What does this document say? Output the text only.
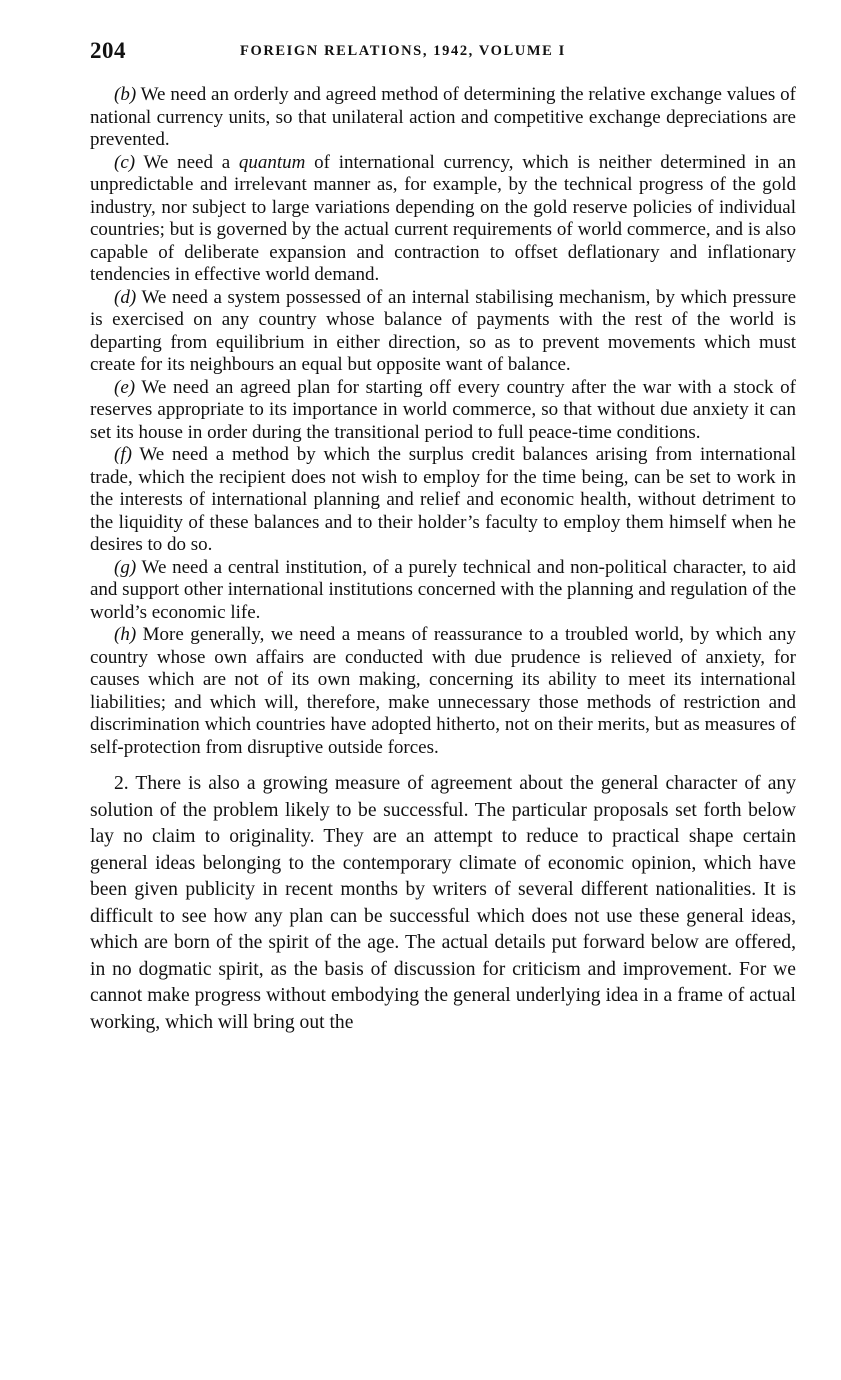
204	FOREIGN RELATIONS, 1942, VOLUME I

(b) We need an orderly and agreed method of determining the relative exchange values of national currency units, so that unilateral action and competitive exchange depreciations are prevented.

(c) We need a quantum of international currency, which is neither determined in an unpredictable and irrelevant manner as, for example, by the technical progress of the gold industry, nor subject to large variations depending on the gold reserve policies of individual countries; but is governed by the actual current requirements of world commerce, and is also capable of deliberate expansion and contraction to offset deflationary and inflationary tendencies in effective world demand.

(d) We need a system possessed of an internal stabilising mechanism, by which pressure is exercised on any country whose balance of payments with the rest of the world is departing from equilibrium in either direction, so as to prevent movements which must create for its neighbours an equal but opposite want of balance.

(e) We need an agreed plan for starting off every country after the war with a stock of reserves appropriate to its importance in world commerce, so that without due anxiety it can set its house in order during the transitional period to full peace-time conditions.

(f) We need a method by which the surplus credit balances arising from international trade, which the recipient does not wish to employ for the time being, can be set to work in the interests of international planning and relief and economic health, without detriment to the liquidity of these balances and to their holder’s faculty to employ them himself when he desires to do so.

(g) We need a central institution, of a purely technical and non-political character, to aid and support other international institutions concerned with the planning and regulation of the world’s economic life.

(h) More generally, we need a means of reassurance to a troubled world, by which any country whose own affairs are conducted with due prudence is relieved of anxiety, for causes which are not of its own making, concerning its ability to meet its international liabilities; and which will, therefore, make unnecessary those methods of restriction and discrimination which countries have adopted hitherto, not on their merits, but as measures of self-protection from disruptive outside forces.

2. There is also a growing measure of agreement about the general character of any solution of the problem likely to be successful. The particular proposals set forth below lay no claim to originality. They are an attempt to reduce to practical shape certain general ideas belonging to the contemporary climate of economic opinion, which have been given publicity in recent months by writers of several different nationalities. It is difficult to see how any plan can be successful which does not use these general ideas, which are born of the spirit of the age. The actual details put forward below are offered, in no dogmatic spirit, as the basis of discussion for criticism and improvement. For we cannot make progress without embodying the general underlying idea in a frame of actual working, which will bring out the
